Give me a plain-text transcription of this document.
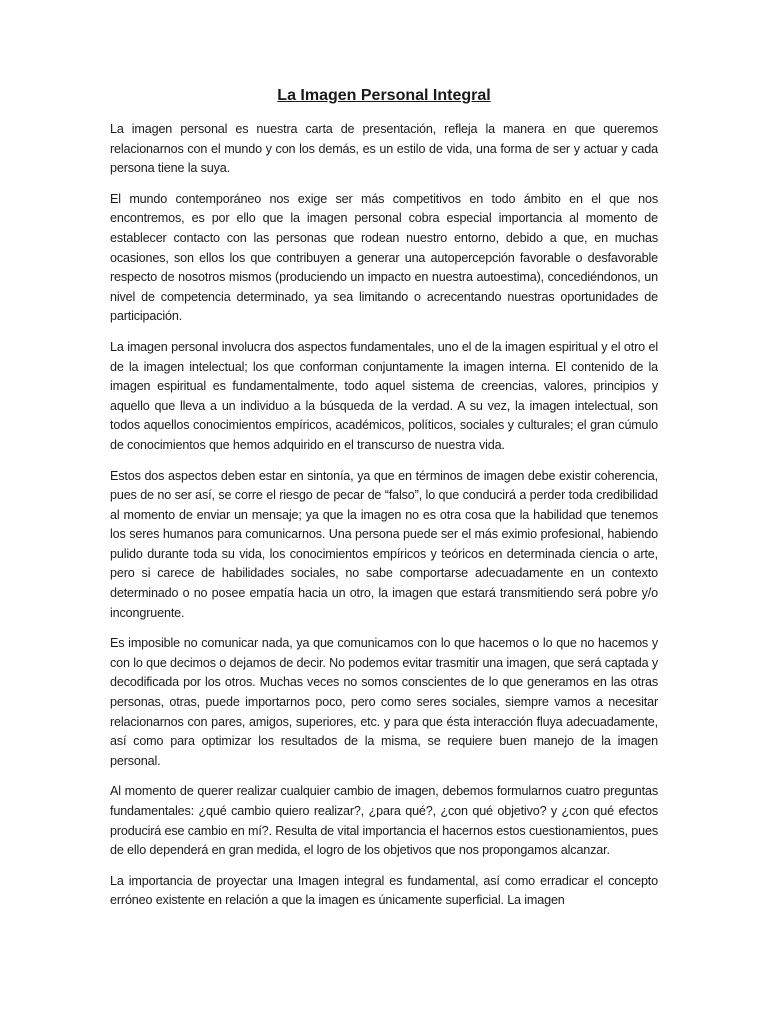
La Imagen Personal Integral

La imagen personal es nuestra carta de presentación, refleja la manera en que queremos relacionarnos con el mundo y con los demás, es un estilo de vida, una forma de ser y actuar y cada persona tiene la suya.

El mundo contemporáneo nos exige ser más competitivos en todo ámbito en el que nos encontremos, es por ello que la imagen personal cobra especial importancia al momento de establecer contacto con las personas que rodean nuestro entorno, debido a que, en muchas ocasiones, son ellos los que contribuyen a generar una autopercepción favorable o desfavorable respecto de nosotros mismos (produciendo un impacto en nuestra autoestima), concediéndonos, un nivel de competencia determinado, ya sea limitando o acrecentando nuestras oportunidades de participación.

La imagen personal involucra dos aspectos fundamentales, uno el de la imagen espiritual y el otro el de la imagen intelectual; los que conforman conjuntamente la imagen interna. El contenido de la imagen espiritual es fundamentalmente, todo aquel sistema de creencias, valores, principios y aquello que lleva a un individuo a la búsqueda de la verdad. A su vez, la imagen intelectual, son todos aquellos conocimientos empíricos, académicos, políticos, sociales y culturales; el gran cúmulo de conocimientos que hemos adquirido en el transcurso de nuestra vida.

Estos dos aspectos deben estar en sintonía, ya que en términos de imagen debe existir coherencia, pues de no ser así, se corre el riesgo de pecar de “falso”, lo que conducirá a perder toda credibilidad al momento de enviar un mensaje; ya que la imagen no es otra cosa que la habilidad que tenemos los seres humanos para comunicarnos. Una persona puede ser el más eximio profesional, habiendo pulido durante toda su vida, los conocimientos empíricos y teóricos en determinada ciencia o arte, pero si carece de habilidades sociales, no sabe comportarse adecuadamente en un contexto determinado o no posee empatía hacia un otro, la imagen que estará transmitiendo será pobre y/o incongruente.

Es imposible no comunicar nada, ya que comunicamos con lo que hacemos o lo que no hacemos y con lo que decimos o dejamos de decir. No podemos evitar trasmitir una imagen, que será captada y decodificada por los otros. Muchas veces no somos conscientes de lo que generamos en las otras personas, otras, puede importarnos poco, pero como seres sociales, siempre vamos a necesitar relacionarnos con pares, amigos, superiores, etc. y para que ésta interacción fluya adecuadamente, así como para optimizar los resultados de la misma, se requiere buen manejo de la imagen personal.

Al momento de querer realizar cualquier cambio de imagen, debemos formularnos cuatro preguntas fundamentales: ¿qué cambio quiero realizar?, ¿para qué?, ¿con qué objetivo? y ¿con qué efectos producirá ese cambio en mí?. Resulta de vital importancia el hacernos estos cuestionamientos, pues de ello dependerá en gran medida, el logro de los objetivos que nos propongamos alcanzar.

La importancia de proyectar una Imagen integral es fundamental, así como erradicar el concepto erróneo existente en relación a que la imagen es únicamente superficial. La imagen
